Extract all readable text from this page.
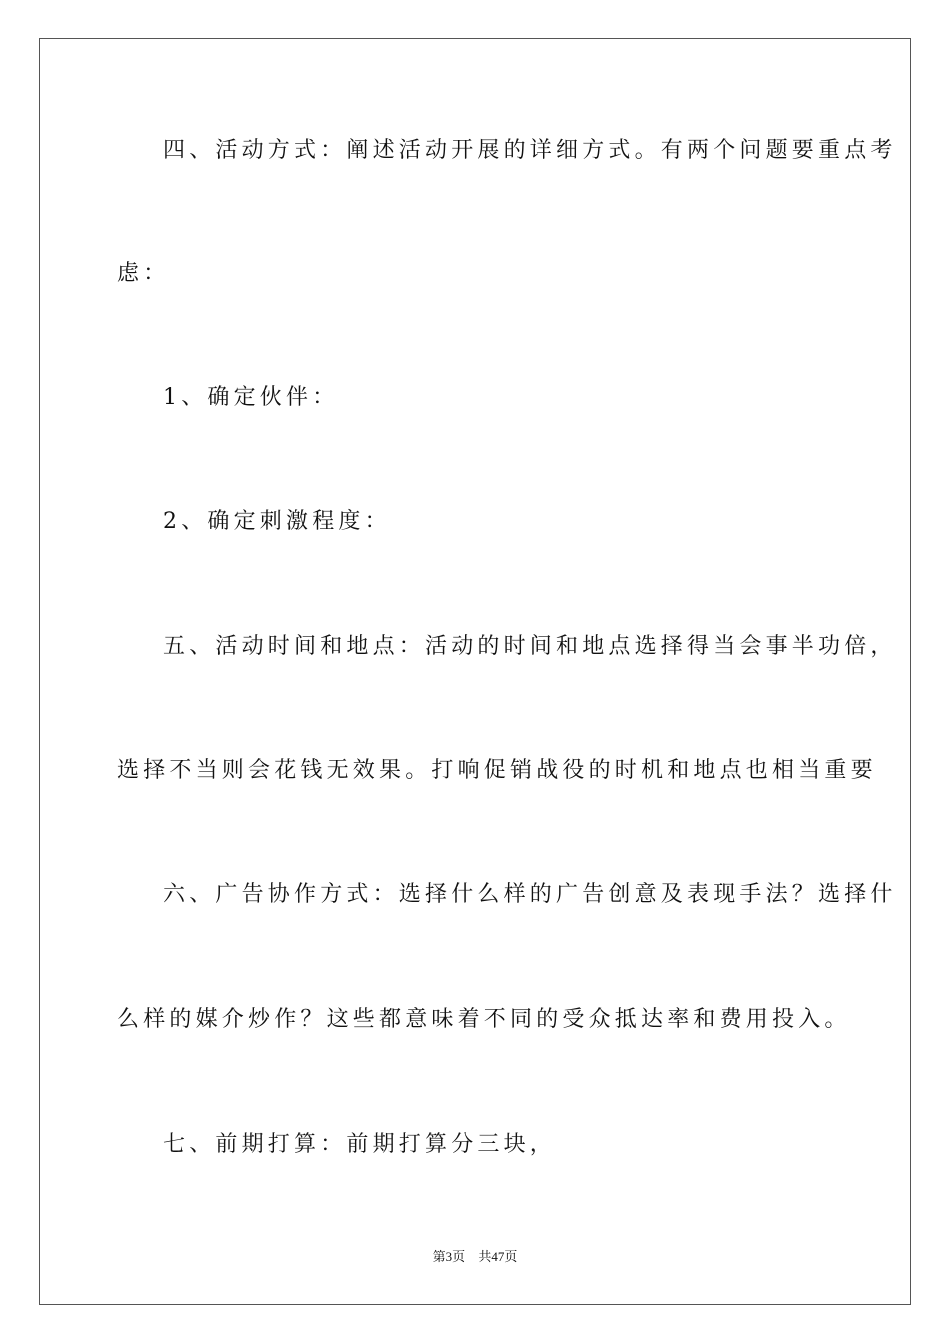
四、活动方式：阐述活动开展的详细方式。有两个问题要重点考
虑：
1、确定伙伴：
2、确定刺激程度：
五、活动时间和地点：活动的时间和地点选择得当会事半功倍，
选择不当则会花钱无效果。打响促销战役的时机和地点也相当重要
六、广告协作方式：选择什么样的广告创意及表现手法？选择什
么样的媒介炒作？这些都意味着不同的受众抵达率和费用投入。
七、前期打算：前期打算分三块，
第3页 共47页
